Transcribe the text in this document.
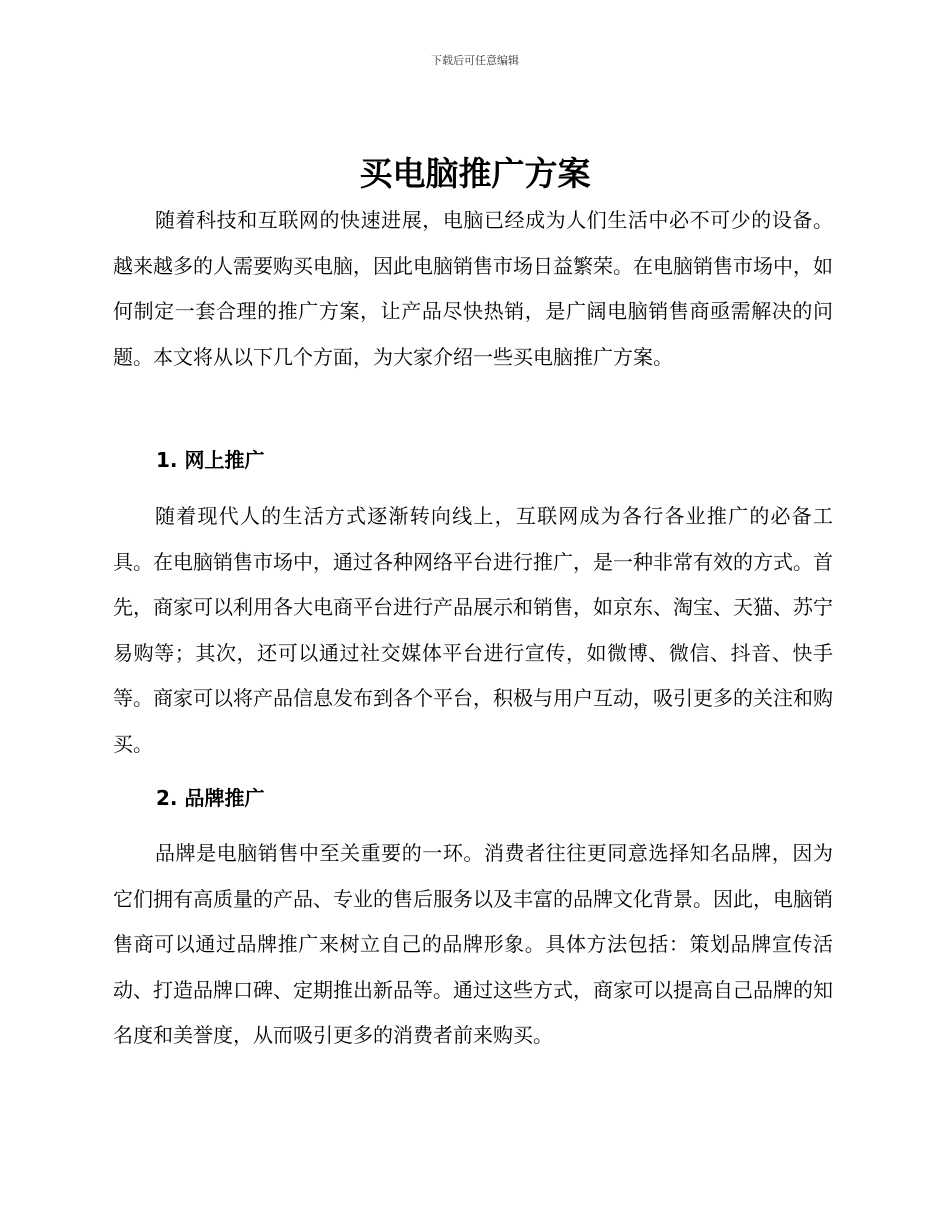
下载后可任意编辑
买电脑推广方案

随着科技和互联网的快速进展，电脑已经成为人们生活中必不可少的设备。越来越多的人需要购买电脑，因此电脑销售市场日益繁荣。在电脑销售市场中，如何制定一套合理的推广方案，让产品尽快热销，是广阔电脑销售商亟需解决的问题。本文将从以下几个方面，为大家介绍一些买电脑推广方案。

1. 网上推广

随着现代人的生活方式逐渐转向线上，互联网成为各行各业推广的必备工具。在电脑销售市场中，通过各种网络平台进行推广，是一种非常有效的方式。首先，商家可以利用各大电商平台进行产品展示和销售，如京东、淘宝、天猫、苏宁易购等；其次，还可以通过社交媒体平台进行宣传，如微博、微信、抖音、快手等。商家可以将产品信息发布到各个平台，积极与用户互动，吸引更多的关注和购买。

2. 品牌推广

品牌是电脑销售中至关重要的一环。消费者往往更同意选择知名品牌，因为它们拥有高质量的产品、专业的售后服务以及丰富的品牌文化背景。因此，电脑销售商可以通过品牌推广来树立自己的品牌形象。具体方法包括：策划品牌宣传活动、打造品牌口碑、定期推出新品等。通过这些方式，商家可以提高自己品牌的知名度和美誉度，从而吸引更多的消费者前来购买。
